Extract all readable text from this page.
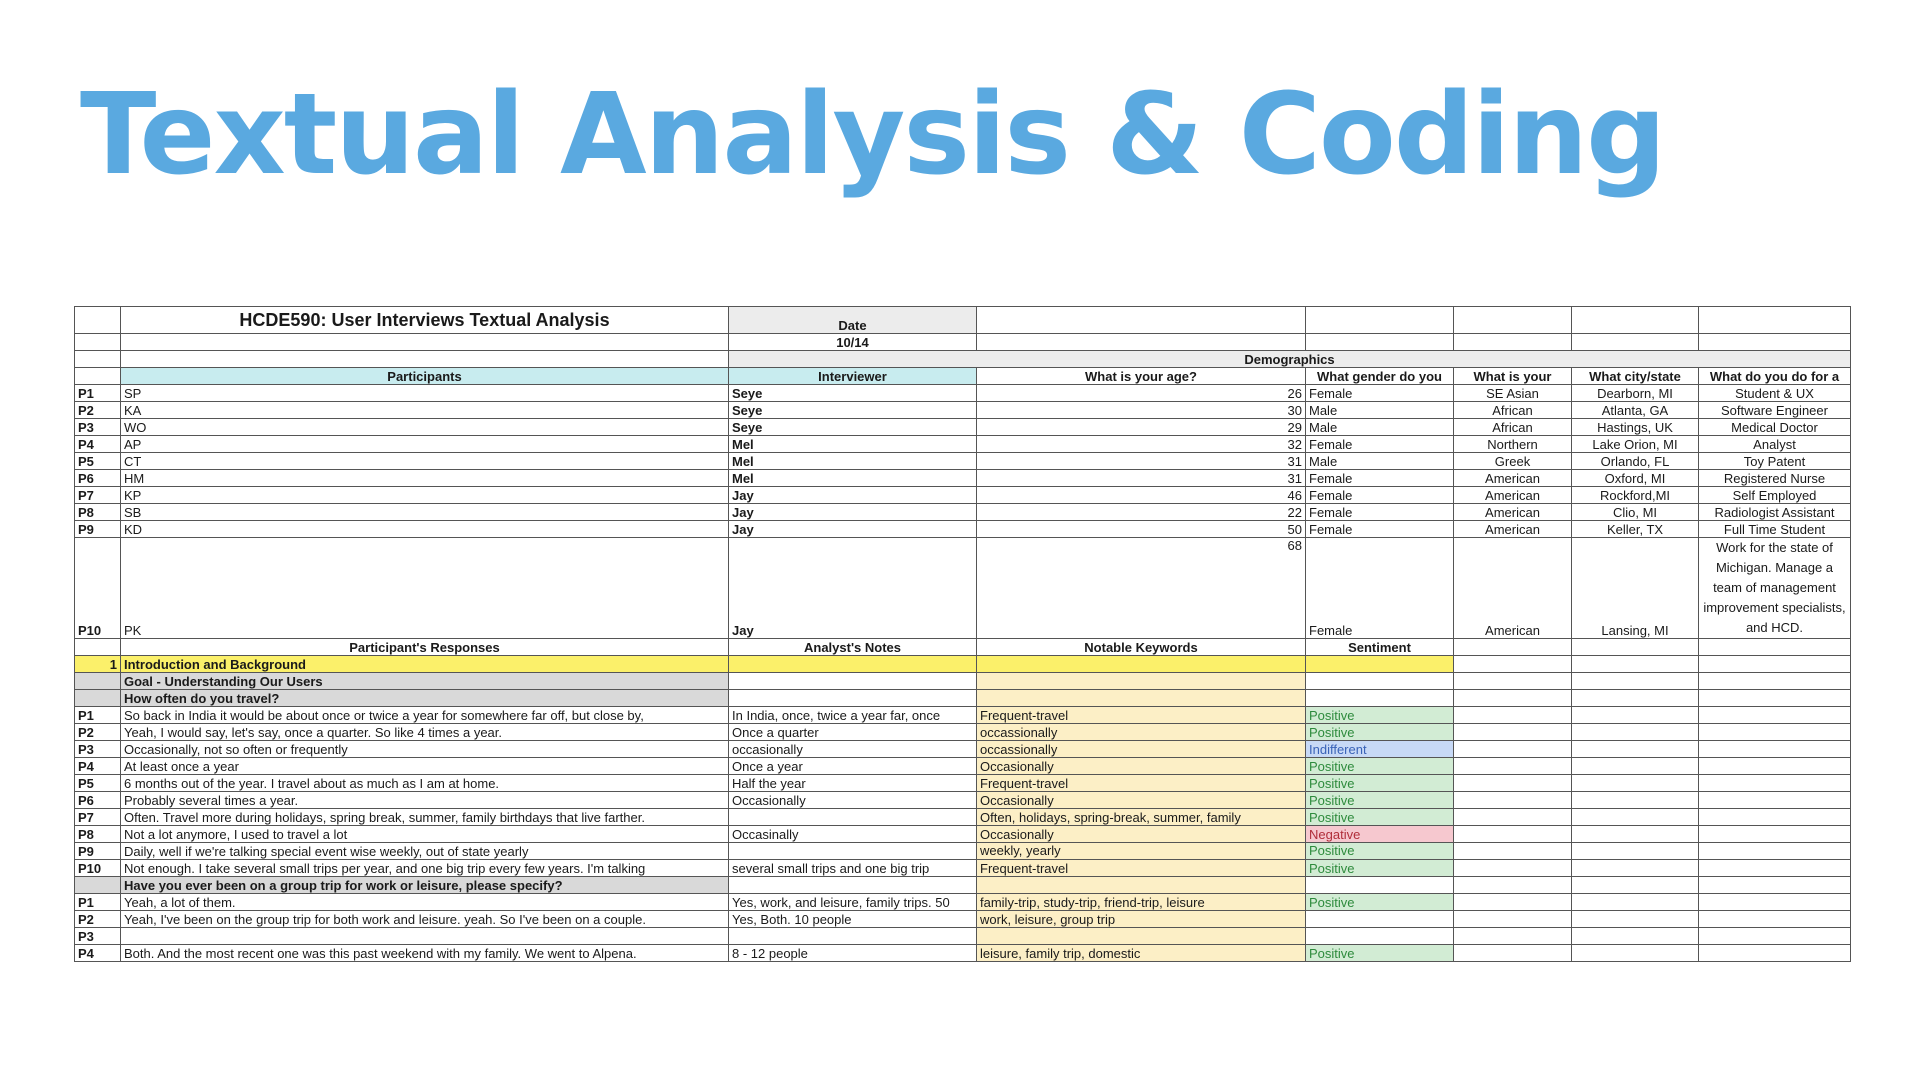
Textual Analysis & Coding
	HCDE590: User Interviews Textual Analysis	Date					
		10/14					
		Demographics					
	Participants	Interviewer	What is your age?	What gender do you	What is your	What city/state	What do you do for a
P1	SP	Seye	26	Female	SE Asian	Dearborn, MI	Student & UX
P2	KA	Seye	30	Male	African	Atlanta, GA	Software Engineer
P3	WO	Seye	29	Male	African	Hastings, UK	Medical Doctor
P4	AP	Mel	32	Female	Northern	Lake Orion, MI	Analyst
P5	CT	Mel	31	Male	Greek	Orlando, FL	Toy Patent
P6	HM	Mel	31	Female	American	Oxford, MI	Registered Nurse
P7	KP	Jay	46	Female	American	Rockford,MI	Self Employed
P8	SB	Jay	22	Female	American	Clio, MI	Radiologist Assistant
P9	KD	Jay	50	Female	American	Keller, TX	Full Time Student
P10	PK	Jay	68	Female	American	Lansing, MI	Work for the state of Michigan. Manage a team of management improvement specialists, and HCD.
	Participant's Responses	Analyst's Notes	Notable Keywords	Sentiment			
1	Introduction and Background						
	Goal - Understanding Our Users						
	How often do you travel?						
P1	So back in India it would be about once or twice a year for somewhere far off, but close by,	In India, once, twice a year far, once	Frequent-travel	Positive			
P2	Yeah, I would say, let's say, once a quarter. So like 4 times a year.	Once a quarter	occassionally	Positive			
P3	Occasionally, not so often or frequently	occasionally	occassionally	Indifferent			
P4	At least once a year	Once a year	Occasionally	Positive			
P5	6 months out of the year. I travel about as much as I am at home.	Half the year	Frequent-travel	Positive			
P6	Probably several times a year.	Occasionally	Occasionally	Positive			
P7	Often. Travel more during holidays, spring break, summer, family birthdays that live farther.		Often, holidays, spring-break, summer, family	Positive			
P8	Not a lot anymore, I used to travel a lot	Occasinally	Occasionally	Negative			
P9	Daily, well if we're talking special event wise weekly, out of state yearly		weekly, yearly	Positive			
P10	Not enough. I take several small trips per year, and one big trip every few years. I'm talking	several small trips and one big trip	Frequent-travel	Positive			
	Have you ever been on a group trip for work or leisure, please specify?						
P1	Yeah, a lot of them.	Yes, work, and leisure, family trips. 50	family-trip, study-trip, friend-trip, leisure	Positive			
P2	Yeah, I've been on the group trip for both work and leisure. yeah. So I've been on a couple.	Yes, Both. 10 people	work, leisure, group trip				
P3							
P4	Both. And the most recent one was this past weekend with my family. We went to Alpena.	8 - 12 people	leisure, family trip, domestic	Positive			
